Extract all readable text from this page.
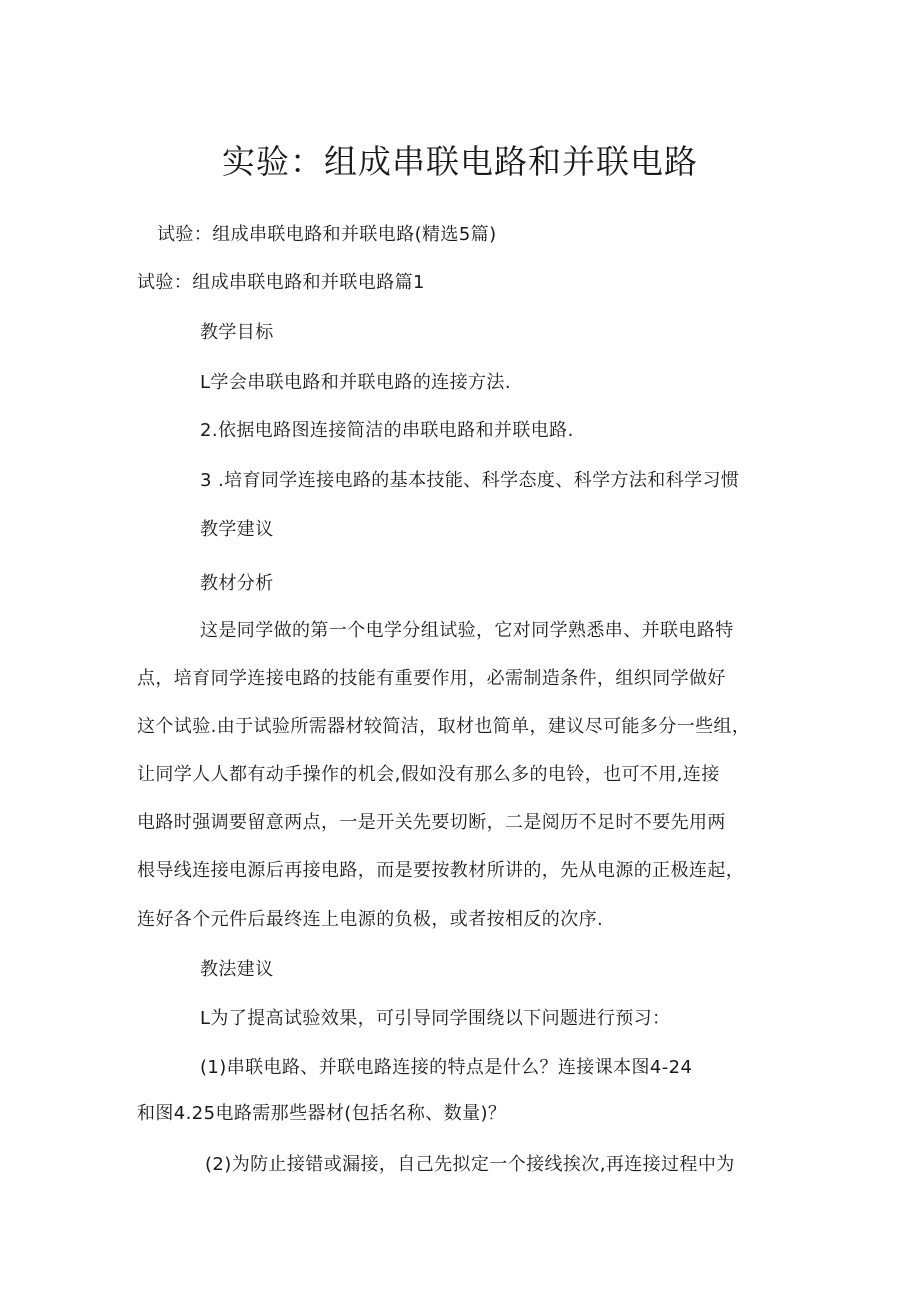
实验：组成串联电路和并联电路
试验：组成串联电路和并联电路(精选5篇)
试验：组成串联电路和并联电路篇1
教学目标
L学会串联电路和并联电路的连接方法.
2.依据电路图连接简洁的串联电路和并联电路.
3 .培育同学连接电路的基本技能、科学态度、科学方法和科学习惯
教学建议
教材分析
这是同学做的第一个电学分组试验，它对同学熟悉串、并联电路特
点，培育同学连接电路的技能有重要作用，必需制造条件，组织同学做好
这个试验.由于试验所需器材较简洁，取材也简单，建议尽可能多分一些组，
让同学人人都有动手操作的机会,假如没有那么多的电铃，也可不用,连接
电路时强调要留意两点，一是开关先要切断，二是阅历不足时不要先用两
根导线连接电源后再接电路，而是要按教材所讲的，先从电源的正极连起，
连好各个元件后最终连上电源的负极，或者按相反的次序.
教法建议
L为了提高试验效果，可引导同学围绕以下问题进行预习：
(1)串联电路、并联电路连接的特点是什么？连接课本图4-24
和图4.25电路需那些器材(包括名称、数量)？
(2)为防止接错或漏接，自己先拟定一个接线挨次,再连接过程中为
